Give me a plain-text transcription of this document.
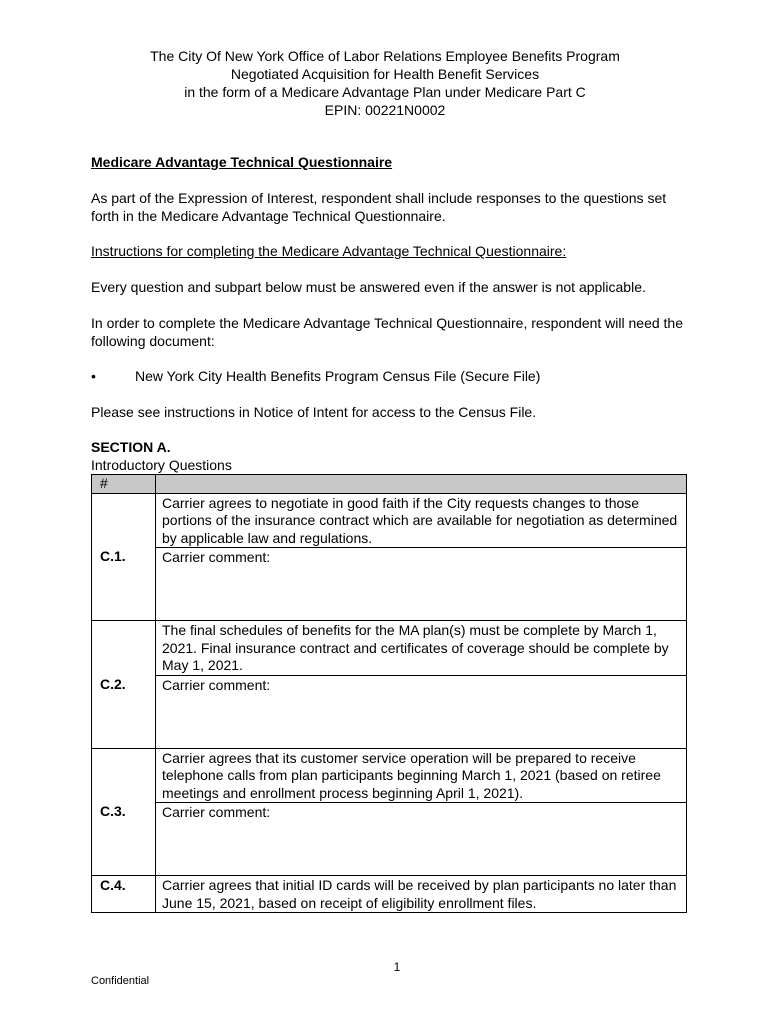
The City Of New York Office of Labor Relations Employee Benefits Program
Negotiated Acquisition for Health Benefit Services
in the form of a Medicare Advantage Plan under Medicare Part C
EPIN: 00221N0002
Medicare Advantage Technical Questionnaire
As part of the Expression of Interest, respondent shall include responses to the questions set forth in the Medicare Advantage Technical Questionnaire.
Instructions for completing the Medicare Advantage Technical Questionnaire:
Every question and subpart below must be answered even if the answer is not applicable.
In order to complete the Medicare Advantage Technical Questionnaire, respondent will need the following document:
•	New York City Health Benefits Program Census File (Secure File)
Please see instructions in Notice of Intent for access to the Census File.
SECTION A.
Introductory Questions
#	
C.1.	Carrier agrees to negotiate in good faith if the City requests changes to those portions of the insurance contract which are available for negotiation as determined by applicable law and regulations.
Carrier comment:

C.2.	The final schedules of benefits for the MA plan(s) must be complete by March 1, 2021. Final insurance contract and certificates of coverage should be complete by May 1, 2021.
Carrier comment:

C.3.	Carrier agrees that its customer service operation will be prepared to receive telephone calls from plan participants beginning March 1, 2021 (based on retiree meetings and enrollment process beginning April 1, 2021).
Carrier comment:

C.4.	Carrier agrees that initial ID cards will be received by plan participants no later than June 15, 2021, based on receipt of eligibility enrollment files.
1
Confidential
